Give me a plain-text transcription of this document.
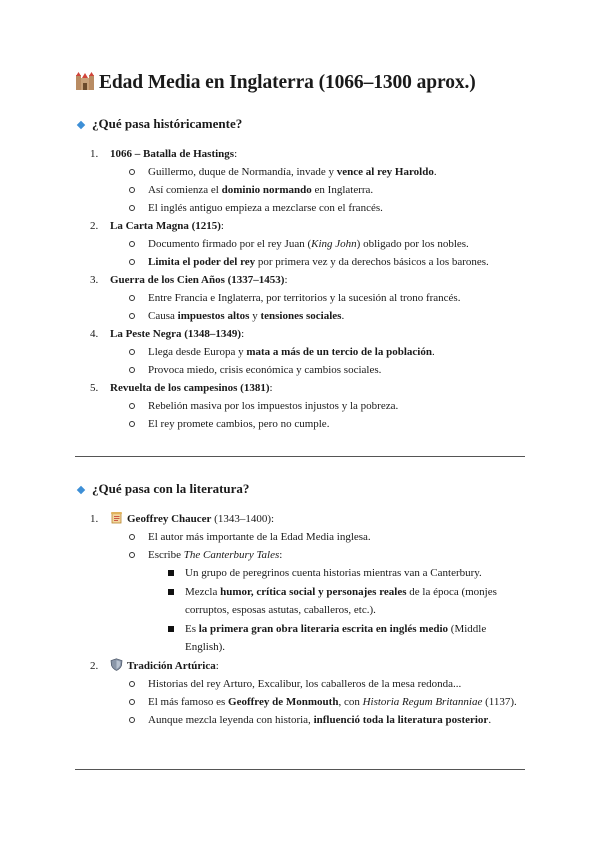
Edad Media en Inglaterra (1066–1300 aprox.)
¿Qué pasa históricamente?
1. 1066 – Batalla de Hastings:
Guillermo, duque de Normandía, invade y vence al rey Haroldo.
Así comienza el dominio normando en Inglaterra.
El inglés antiguo empieza a mezclarse con el francés.
2. La Carta Magna (1215):
Documento firmado por el rey Juan (King John) obligado por los nobles.
Limita el poder del rey por primera vez y da derechos básicos a los barones.
3. Guerra de los Cien Años (1337–1453):
Entre Francia e Inglaterra, por territorios y la sucesión al trono francés.
Causa impuestos altos y tensiones sociales.
4. La Peste Negra (1348–1349):
Llega desde Europa y mata a más de un tercio de la población.
Provoca miedo, crisis económica y cambios sociales.
5. Revuelta de los campesinos (1381):
Rebelión masiva por los impuestos injustos y la pobreza.
El rey promete cambios, pero no cumple.
¿Qué pasa con la literatura?
1.	Geoffrey Chaucer (1343–1400):
El autor más importante de la Edad Media inglesa.
Escribe The Canterbury Tales:
Un grupo de peregrinos cuenta historias mientras van a Canterbury.
Mezcla humor, crítica social y personajes reales de la época (monjes corruptos, esposas astutas, caballeros, etc.).
Es la primera gran obra literaria escrita en inglés medio (Middle English).
2.	Tradición Artúrica:
Historias del rey Arturo, Excalibur, los caballeros de la mesa redonda...
El más famoso es Geoffrey de Monmouth, con Historia Regum Britanniae (1137).
Aunque mezcla leyenda con historia, influenció toda la literatura posterior.
